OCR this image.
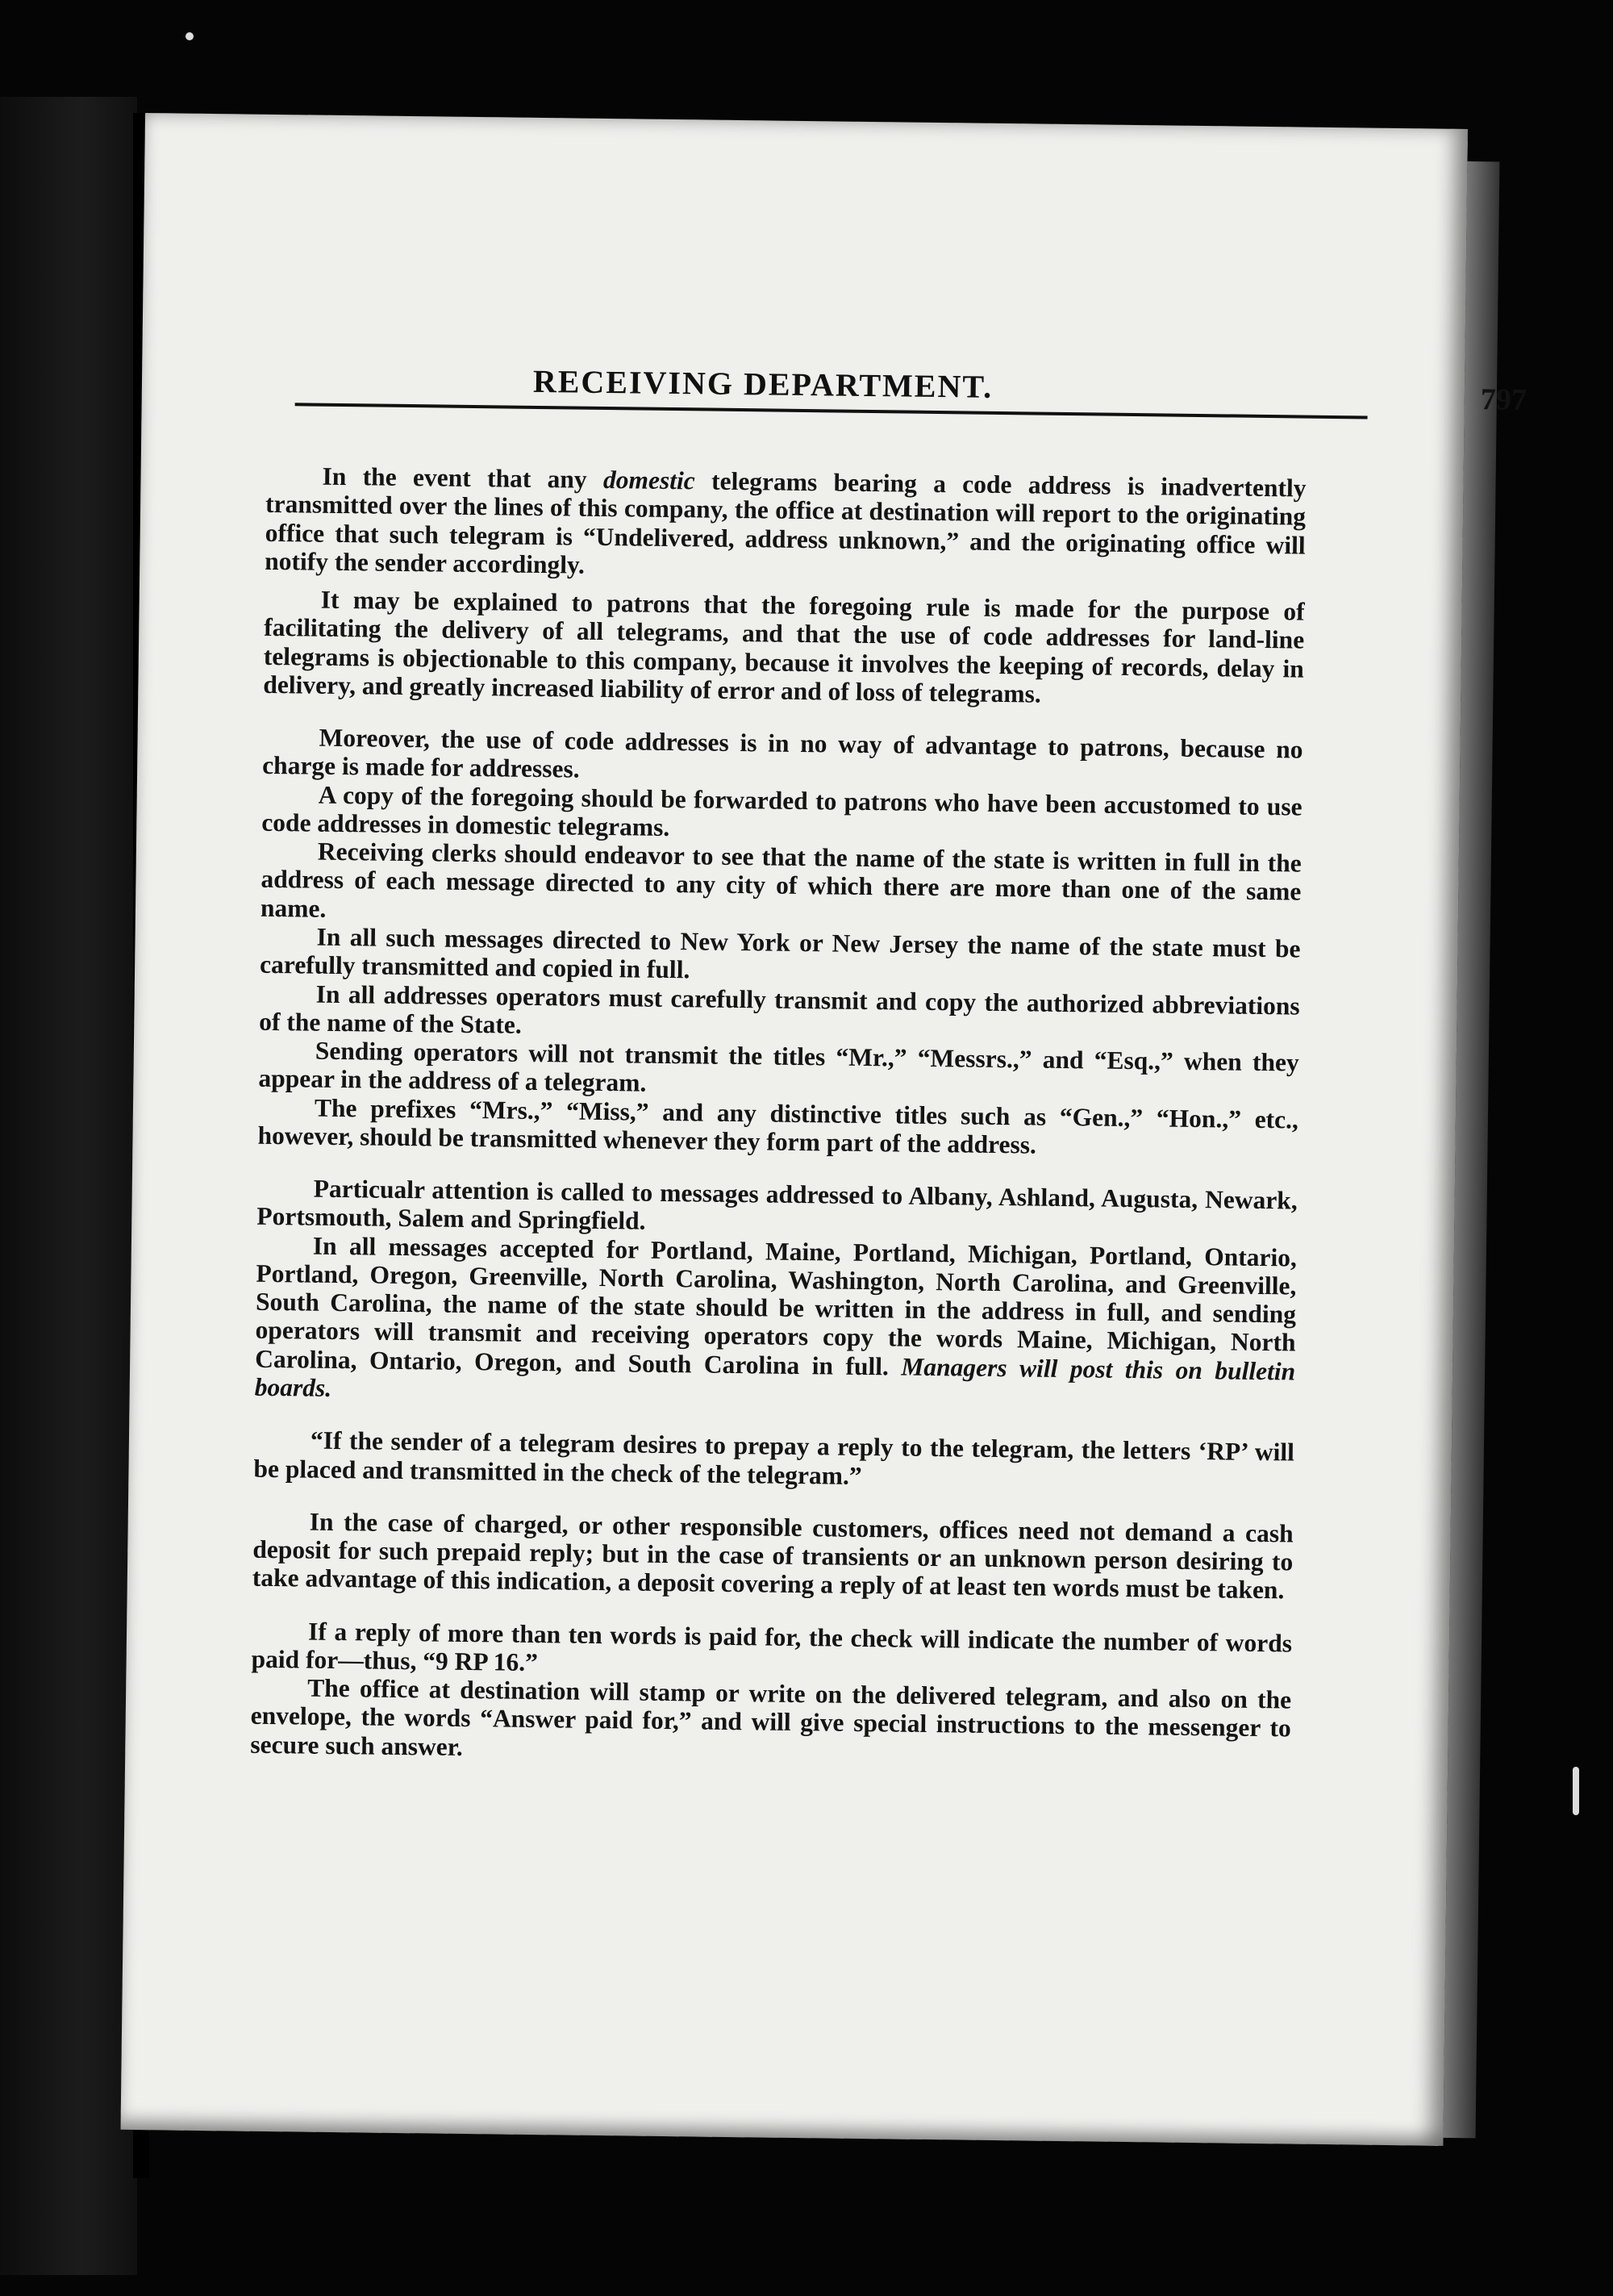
RECEIVING DEPARTMENT.	797

In the event that any domestic telegrams bearing a code address is inadvertently transmitted over the lines of this company, the office at destination will report to the originating office that such telegram is “Undelivered, address unknown,” and the originating office will notify the sender accordingly.

It may be explained to patrons that the foregoing rule is made for the purpose of facilitating the delivery of all telegrams, and that the use of code addresses for land-line telegrams is objectionable to this company, because it involves the keeping of records, delay in delivery, and greatly increased liability of error and of loss of telegrams.

Moreover, the use of code addresses is in no way of advantage to patrons, because no charge is made for addresses.

A copy of the foregoing should be forwarded to patrons who have been accustomed to use code addresses in domestic telegrams.

Receiving clerks should endeavor to see that the name of the state is written in full in the address of each message directed to any city of which there are more than one of the same name.

In all such messages directed to New York or New Jersey the name of the state must be carefully transmitted and copied in full.

In all addresses operators must carefully transmit and copy the authorized abbreviations of the name of the State.

Sending operators will not transmit the titles “Mr.,” “Messrs.,” and “Esq.,” when they appear in the address of a telegram.

The prefixes “Mrs.,” “Miss,” and any distinctive titles such as “Gen.,” “Hon.,” etc., however, should be transmitted whenever they form part of the address.

Particualr attention is called to messages addressed to Albany, Ashland, Augusta, Newark, Portsmouth, Salem and Springfield.

In all messages accepted for Portland, Maine, Portland, Michigan, Portland, Ontario, Portland, Oregon, Greenville, North Carolina, Washington, North Carolina, and Greenville, South Carolina, the name of the state should be written in the address in full, and sending operators will transmit and receiving operators copy the words Maine, Michigan, North Carolina, Ontario, Oregon, and South Carolina in full. Managers will post this on bulletin boards.

“If the sender of a telegram desires to prepay a reply to the telegram, the letters ‘RP’ will be placed and transmitted in the check of the telegram.”

In the case of charged, or other responsible customers, offices need not demand a cash deposit for such prepaid reply; but in the case of transients or an unknown person desiring to take advantage of this indication, a deposit covering a reply of at least ten words must be taken.

If a reply of more than ten words is paid for, the check will indicate the number of words paid for—thus, “9 RP 16.”

The office at destination will stamp or write on the delivered telegram, and also on the envelope, the words “Answer paid for,” and will give special instructions to the messenger to secure such answer.
